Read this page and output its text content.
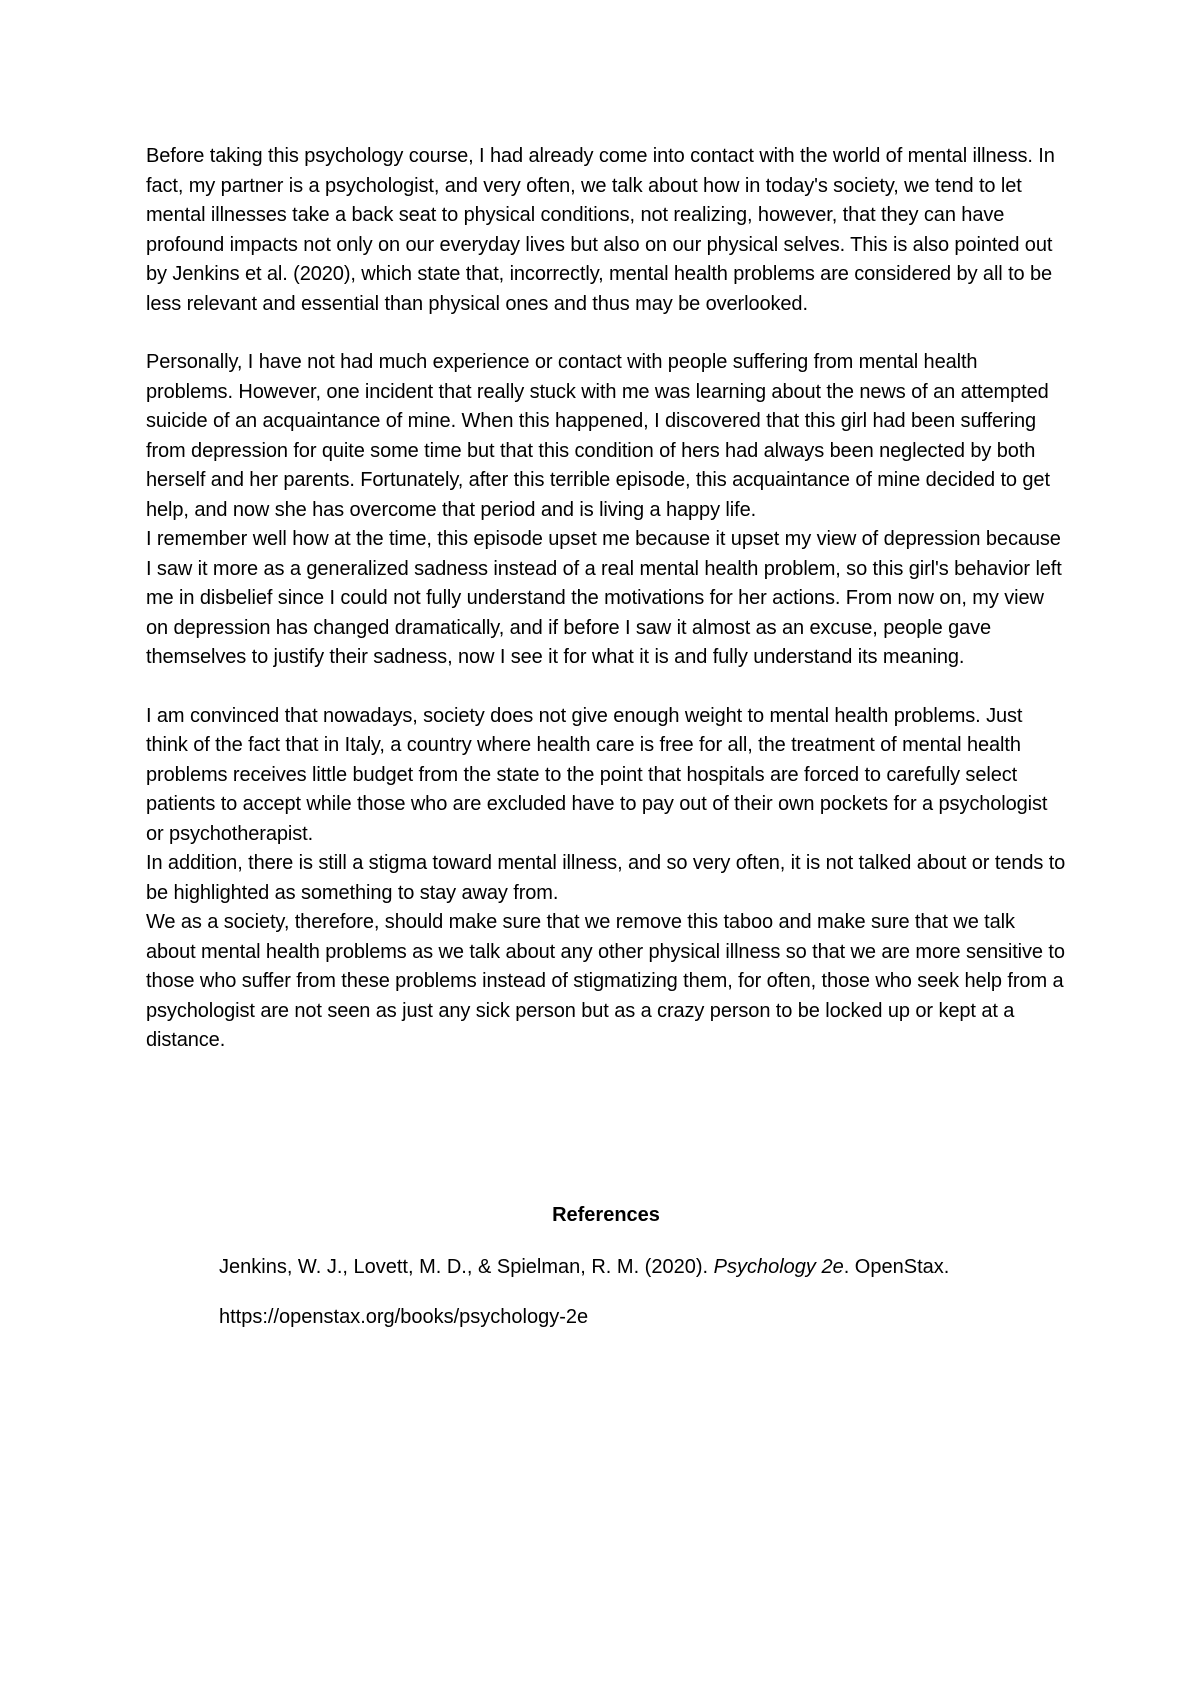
Before taking this psychology course, I had already come into contact with the world of mental illness. In fact, my partner is a psychologist, and very often, we talk about how in today's society, we tend to let mental illnesses take a back seat to physical conditions, not realizing, however, that they can have profound impacts not only on our everyday lives but also on our physical selves. This is also pointed out by Jenkins et al. (2020), which state that, incorrectly, mental health problems are considered by all to be less relevant and essential than physical ones and thus may be overlooked.

Personally, I have not had much experience or contact with people suffering from mental health problems. However, one incident that really stuck with me was learning about the news of an attempted suicide of an acquaintance of mine. When this happened, I discovered that this girl had been suffering from depression for quite some time but that this condition of hers had always been neglected by both herself and her parents. Fortunately, after this terrible episode, this acquaintance of mine decided to get help, and now she has overcome that period and is living a happy life.

I remember well how at the time, this episode upset me because it upset my view of depression because I saw it more as a generalized sadness instead of a real mental health problem, so this girl's behavior left me in disbelief since I could not fully understand the motivations for her actions. From now on, my view on depression has changed dramatically, and if before I saw it almost as an excuse, people gave themselves to justify their sadness, now I see it for what it is and fully understand its meaning.

I am convinced that nowadays, society does not give enough weight to mental health problems. Just think of the fact that in Italy, a country where health care is free for all, the treatment of mental health problems receives little budget from the state to the point that hospitals are forced to carefully select patients to accept while those who are excluded have to pay out of their own pockets for a psychologist or psychotherapist.

In addition, there is still a stigma toward mental illness, and so very often, it is not talked about or tends to be highlighted as something to stay away from.

We as a society, therefore, should make sure that we remove this taboo and make sure that we talk about mental health problems as we talk about any other physical illness so that we are more sensitive to those who suffer from these problems instead of stigmatizing them, for often, those who seek help from a psychologist are not seen as just any sick person but as a crazy person to be locked up or kept at a distance.

References

Jenkins, W. J., Lovett, M. D., & Spielman, R. M. (2020). Psychology 2e. OpenStax.

https://openstax.org/books/psychology-2e
